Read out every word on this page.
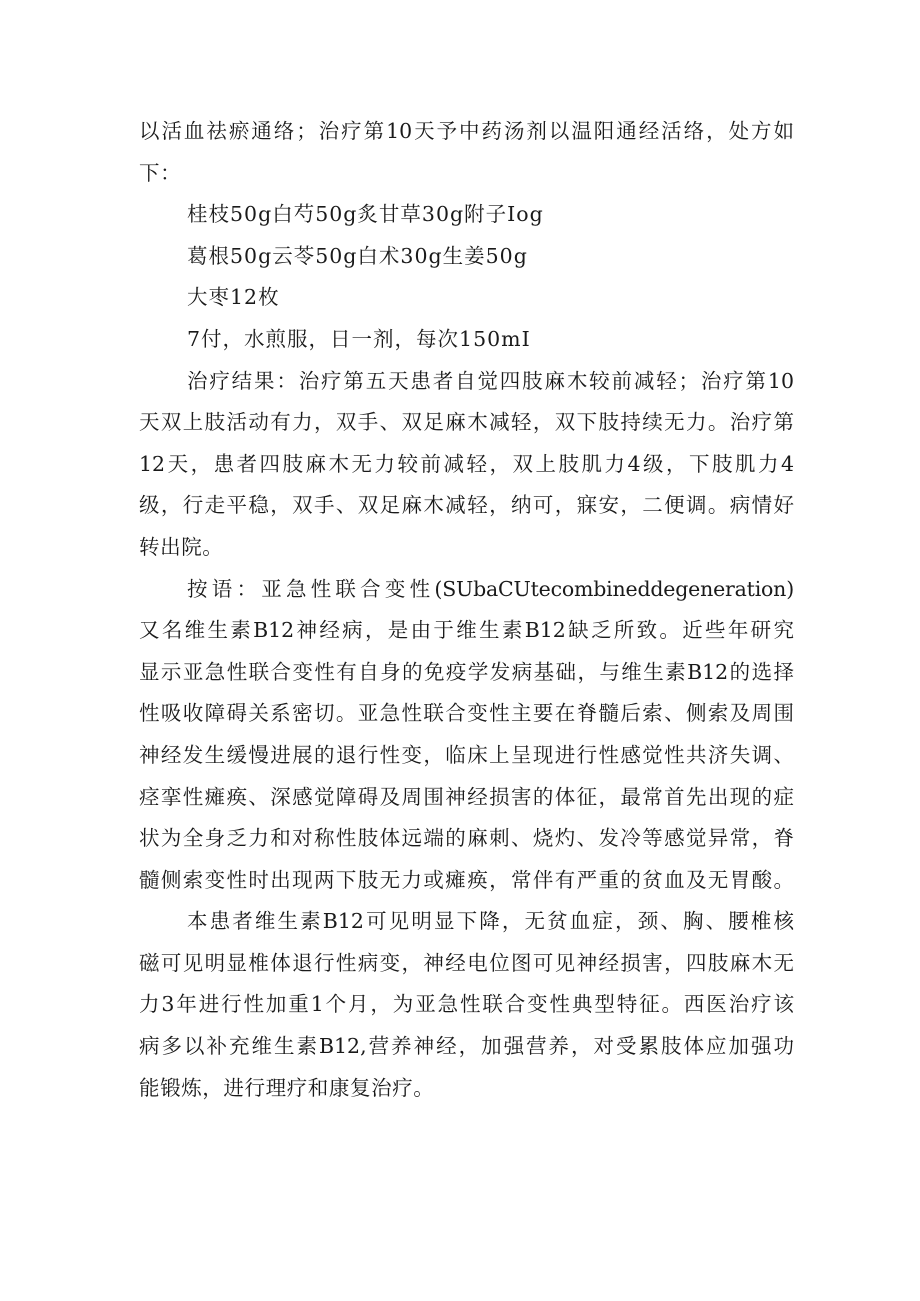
以活血祛瘀通络；治疗第10天予中药汤剂以温阳通经活络，处方如
下：
桂枝50g白芍50g炙甘草30g附子Iog
葛根50g云苓50g白术30g生姜50g
大枣12枚
7付，水煎服，日一剂，每次150mI
治疗结果：治疗第五天患者自觉四肢麻木较前减轻；治疗第10
天双上肢活动有力，双手、双足麻木减轻，双下肢持续无力。治疗第
12天，患者四肢麻木无力较前减轻，双上肢肌力4级，下肢肌力4
级，行走平稳，双手、双足麻木减轻，纳可，寐安，二便调。病情好
转出院。
按语：亚急性联合变性(SUbaCUtecombineddegeneration)
又名维生素B12神经病，是由于维生素B12缺乏所致。近些年研究
显示亚急性联合变性有自身的免疫学发病基础，与维生素B12的选择
性吸收障碍关系密切。亚急性联合变性主要在脊髓后索、侧索及周围
神经发生缓慢进展的退行性变，临床上呈现进行性感觉性共济失调、
痉挛性瘫痪、深感觉障碍及周围神经损害的体征，最常首先出现的症
状为全身乏力和对称性肢体远端的麻刺、烧灼、发冷等感觉异常，脊
髓侧索变性时出现两下肢无力或瘫痪，常伴有严重的贫血及无胃酸。
本患者维生素B12可见明显下降，无贫血症，颈、胸、腰椎核
磁可见明显椎体退行性病变，神经电位图可见神经损害，四肢麻木无
力3年进行性加重1个月，为亚急性联合变性典型特征。西医治疗该
病多以补充维生素B12,营养神经，加强营养，对受累肢体应加强功
能锻炼，进行理疗和康复治疗。
